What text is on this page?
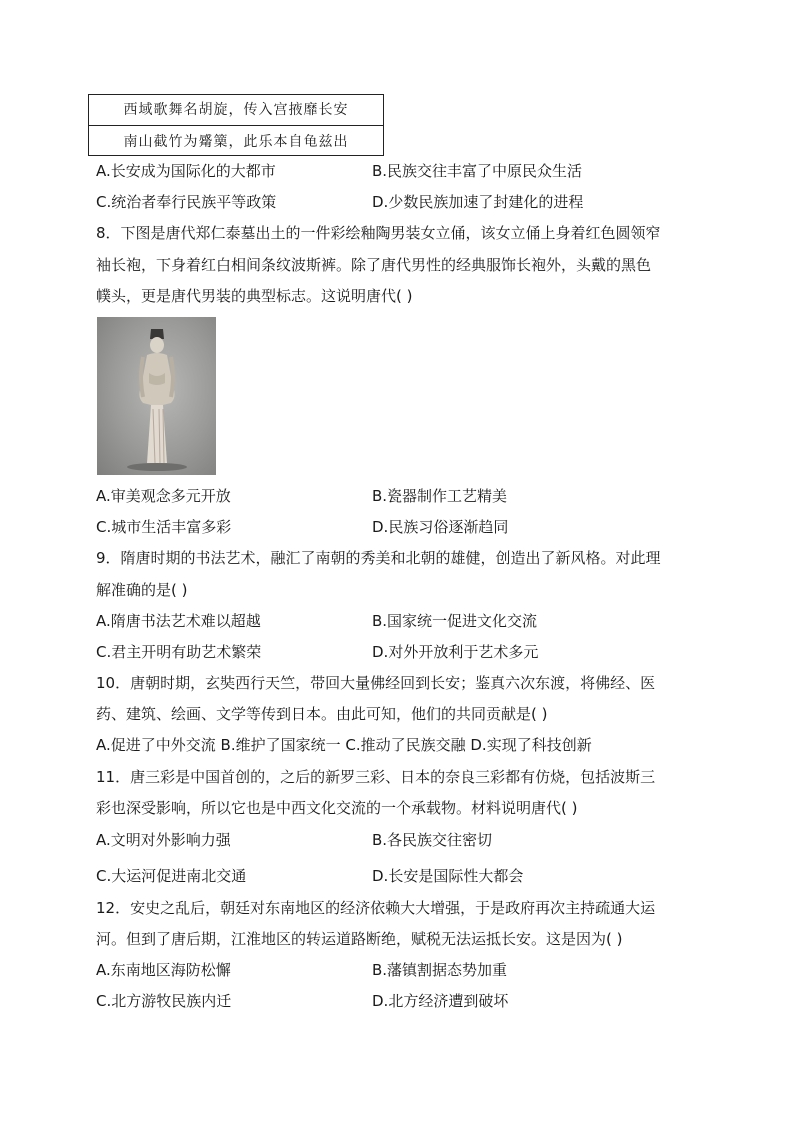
西域歌舞名胡旋，传入宫掖靡长安
南山截竹为觱篥，此乐本自龟兹出
A.长安成为国际化的大都市	B.民族交往丰富了中原民众生活
C.统治者奉行民族平等政策	D.少数民族加速了封建化的进程
8．下图是唐代郑仁泰墓出土的一件彩绘釉陶男装女立俑，该女立俑上身着红色圆领窄
袖长袍，下身着红白相间条纹波斯裤。除了唐代男性的经典服饰长袍外，头戴的黑色
幞头，更是唐代男装的典型标志。这说明唐代( )
A.审美观念多元开放	B.瓷器制作工艺精美
C.城市生活丰富多彩	D.民族习俗逐渐趋同
9．隋唐时期的书法艺术，融汇了南朝的秀美和北朝的雄健，创造出了新风格。对此理
解准确的是( )
A.隋唐书法艺术难以超越	B.国家统一促进文化交流
C.君主开明有助艺术繁荣	D.对外开放利于艺术多元
10．唐朝时期，玄奘西行天竺，带回大量佛经回到长安；鉴真六次东渡，将佛经、医
药、建筑、绘画、文学等传到日本。由此可知，他们的共同贡献是( )
A.促进了中外交流 B.维护了国家统一 C.推动了民族交融 D.实现了科技创新
11．唐三彩是中国首创的，之后的新罗三彩、日本的奈良三彩都有仿烧，包括波斯三
彩也深受影响，所以它也是中西文化交流的一个承载物。材料说明唐代( )
A.文明对外影响力强	B.各民族交往密切
C.大运河促进南北交通	D.长安是国际性大都会
12．安史之乱后，朝廷对东南地区的经济依赖大大增强，于是政府再次主持疏通大运
河。但到了唐后期，江淮地区的转运道路断绝，赋税无法运抵长安。这是因为( )
A.东南地区海防松懈	B.藩镇割据态势加重
C.北方游牧民族内迁	D.北方经济遭到破坏
